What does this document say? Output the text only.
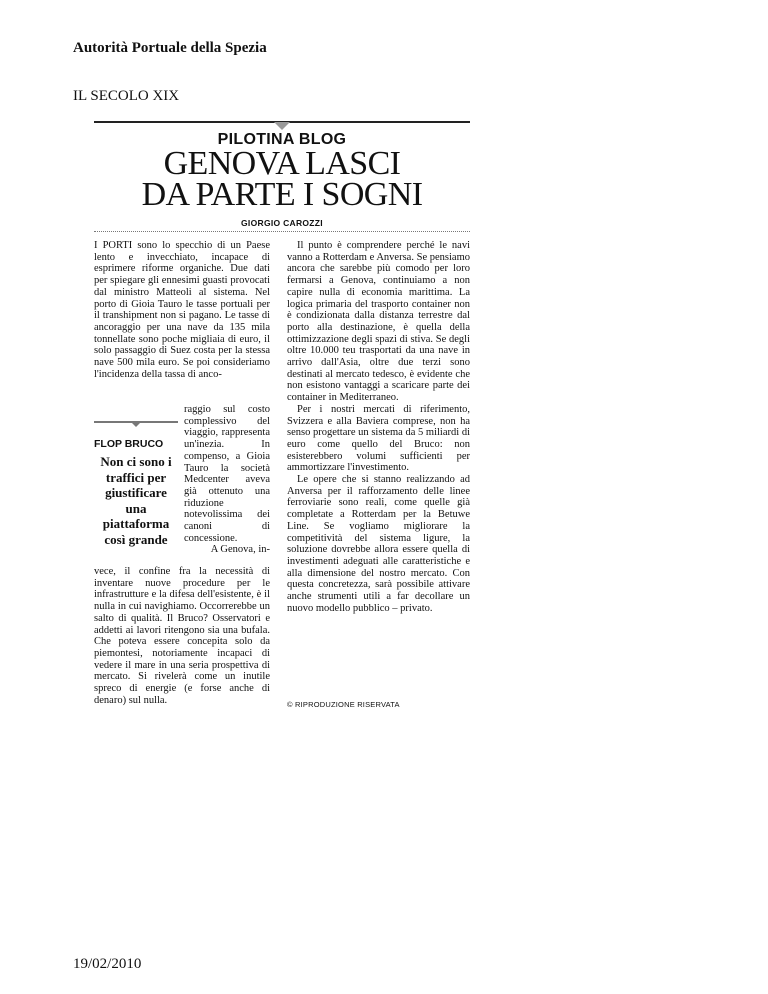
Autorità Portuale della Spezia
IL SECOLO XIX
PILOTINA BLOG
GENOVA LASCI
DA PARTE I SOGNI
GIORGIO CAROZZI

I PORTI sono lo specchio di un Paese lento e invecchiato, incapace di esprimere riforme organiche. Due dati per spiegare gli ennesimi guasti provocati dal ministro Matteoli al sistema. Nel porto di Gioia Tauro le tasse portuali per il transhipment non si pagano. Le tasse di ancoraggio per una nave da 135 mila tonnellate sono poche migliaia di euro, il solo passaggio di Suez costa per la stessa nave 500 mila euro. Se poi consideriamo l'incidenza della tassa di anco-

FLOP BRUCO
Non ci sono i traffici per giustificare una piattaforma così grande

raggio sul costo complessivo del viaggio, rappresenta un'inezia. In compenso, a Gioia Tauro la società Medcenter aveva già ottenuto una riduzione notevolissima dei canoni di concessione.

A Genova, in-

vece, il confine fra la necessità di inventare nuove procedure per le infrastrutture e la difesa dell'esistente, è il nulla in cui navighiamo. Occorrerebbe un salto di qualità. Il Bruco? Osservatori e addetti ai lavori ritengono sia una bufala. Che poteva essere concepita solo da piemontesi, notoriamente incapaci di vedere il mare in una seria prospettiva di mercato. Si rivelerà come un inutile spreco di energie (e forse anche di denaro) sul nulla.

Il punto è comprendere perché le navi vanno a Rotterdam e Anversa. Se pensiamo ancora che sarebbe più comodo per loro fermarsi a Genova, continuiamo a non capire nulla di economia marittima. La logica primaria del trasporto container non è condizionata dalla distanza terrestre dal porto alla destinazione, è quella della ottimizzazione degli spazi di stiva. Se degli oltre 10.000 teu trasportati da una nave in arrivo dall'Asia, oltre due terzi sono destinati al mercato tedesco, è evidente che non esistono vantaggi a scaricare parte dei container in Mediterraneo.

Per i nostri mercati di riferimento, Svizzera e alla Baviera comprese, non ha senso progettare un sistema da 5 miliardi di euro come quello del Bruco: non esisterebbero volumi sufficienti per ammortizzare l'investimento.

Le opere che si stanno realizzando ad Anversa per il rafforzamento delle linee ferroviarie sono reali, come quelle già completate a Rotterdam per la Betuwe Line. Se vogliamo migliorare la competitività del sistema ligure, la soluzione dovrebbe allora essere quella di investimenti adeguati alle caratteristiche e alla dimensione del nostro mercato. Con questa concretezza, sarà possibile attivare anche strumenti utili a far decollare un nuovo modello pubblico – privato.

© RIPRODUZIONE RISERVATA
19/02/2010
